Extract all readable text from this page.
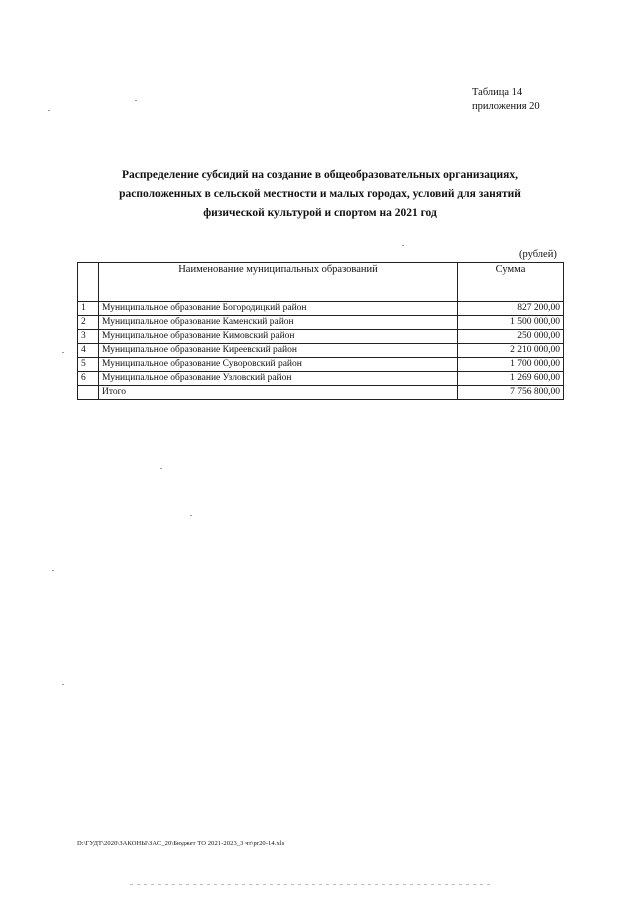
Таблица 14
приложения 20
Распределение субсидий на создание в общеобразовательных организациях,
расположенных в сельской местности и малых городах, условий для занятий
физической культурой и спортом на 2021 год
(рублей)
	Наименование муниципальных образований	Сумма
1	Муниципальное образование Богородицкий район	827 200,00
2	Муниципальное образование Каменский район	1 500 000,00
3	Муниципальное образование Кимовский район	250 000,00
4	Муниципальное образование Киреевский район	2 210 000,00
5	Муниципальное образование Суворовский район	1 700 000,00
6	Муниципальное образование Узловский район	1 269 600,00
	Итого	7 756 800,00
D:\ГУДТ\2020\ЗАКОНЫ\ЗАС_20\Бюджет ТО 2021-2023_3 чт\pr20-14.xls
